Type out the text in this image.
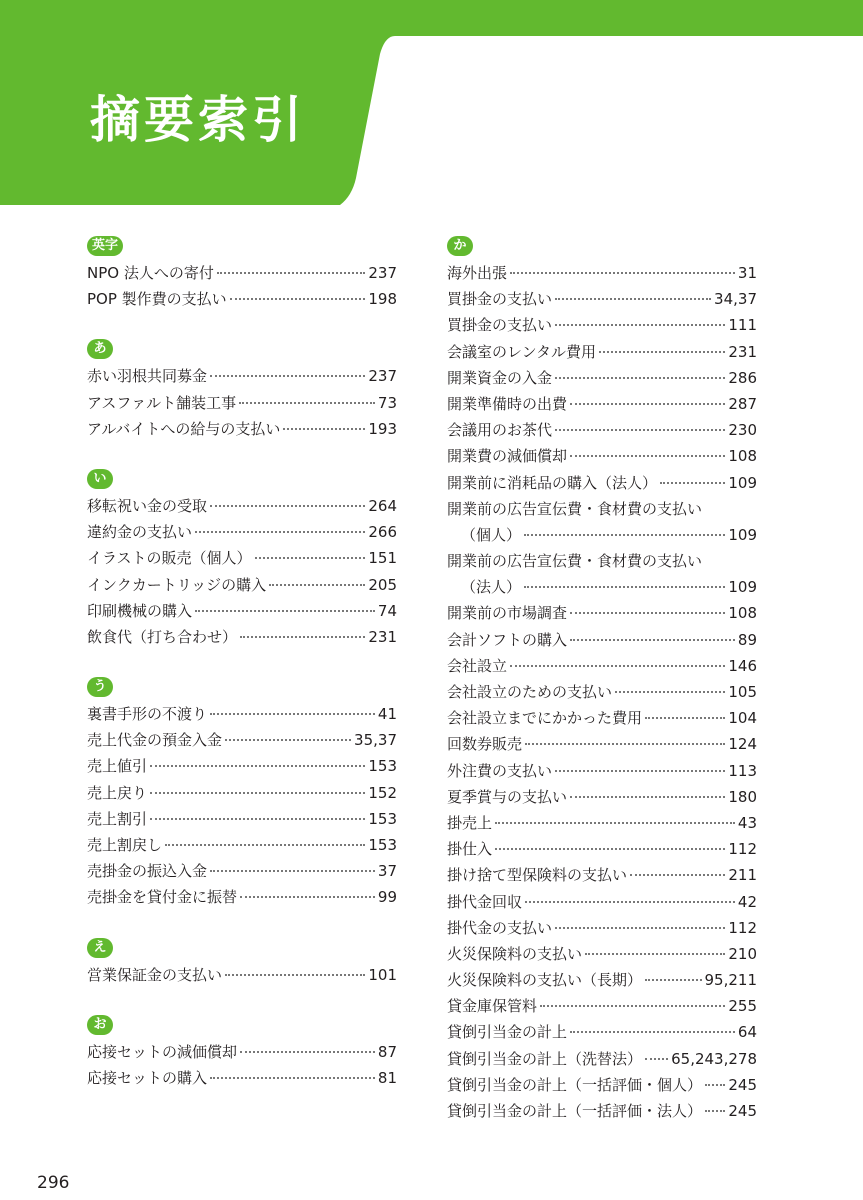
摘要索引
英字
NPO 法人への寄付	237
POP 製作費の支払い	198
あ
赤い羽根共同募金	237
アスファルト舗装工事	73
アルバイトへの給与の支払い	193
い
移転祝い金の受取	264
違約金の支払い	266
イラストの販売（個人）	151
インクカートリッジの購入	205
印刷機械の購入	74
飲食代（打ち合わせ）	231
う
裏書手形の不渡り	41
売上代金の預金入金	35,37
売上値引	153
売上戻り	152
売上割引	153
売上割戻し	153
売掛金の振込入金	37
売掛金を貸付金に振替	99
え
営業保証金の支払い	101
お
応接セットの減価償却	87
応接セットの購入	81
か
海外出張	31
買掛金の支払い	34,37
買掛金の支払い	111
会議室のレンタル費用	231
開業資金の入金	286
開業準備時の出費	287
会議用のお茶代	230
開業費の減価償却	108
開業前に消耗品の購入（法人）	109
開業前の広告宣伝費・食材費の支払い
（個人）	109
開業前の広告宣伝費・食材費の支払い
（法人）	109
開業前の市場調査	108
会計ソフトの購入	89
会社設立	146
会社設立のための支払い	105
会社設立までにかかった費用	104
回数券販売	124
外注費の支払い	113
夏季賞与の支払い	180
掛売上	43
掛仕入	112
掛け捨て型保険料の支払い	211
掛代金回収	42
掛代金の支払い	112
火災保険料の支払い	210
火災保険料の支払い（長期）	95,211
貸金庫保管料	255
貸倒引当金の計上	64
貸倒引当金の計上（洗替法） 65,243,278
貸倒引当金の計上（一括評価・個人） 245
貸倒引当金の計上（一括評価・法人） 245
296
